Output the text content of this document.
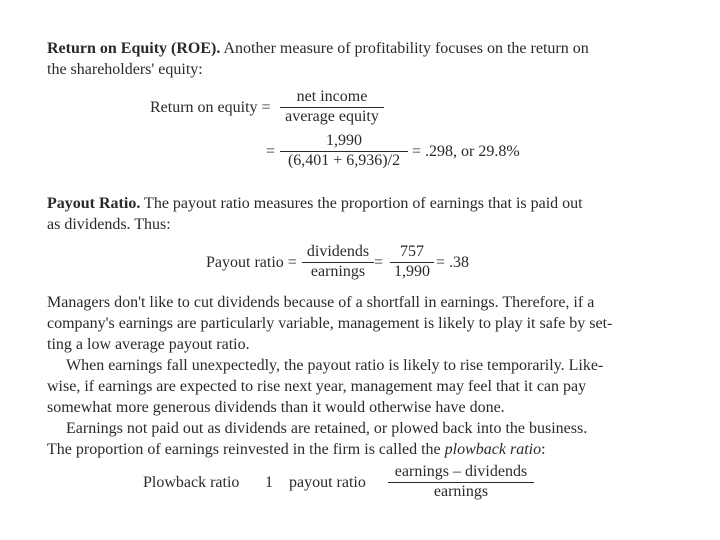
Return on Equity (ROE). Another measure of profitability focuses on the return on
the shareholders' equity:
Return on equity =
net income
average equity
=
1,990
(6,401 + 6,936)/2
= .298, or 29.8%
Payout Ratio. The payout ratio measures the proportion of earnings that is paid out
as dividends. Thus:
Payout ratio =
dividends
earnings
=
757
1,990
= .38
Managers don't like to cut dividends because of a shortfall in earnings. Therefore, if a
company's earnings are particularly variable, management is likely to play it safe by set-
ting a low average payout ratio.
When earnings fall unexpectedly, the payout ratio is likely to rise temporarily. Like-
wise, if earnings are expected to rise next year, management may feel that it can pay
somewhat more generous dividends than it would otherwise have done.
Earnings not paid out as dividends are retained, or plowed back into the business.
The proportion of earnings reinvested in the firm is called the plowback ratio:
Plowback ratio 1 payout ratio
earnings – dividends
earnings
